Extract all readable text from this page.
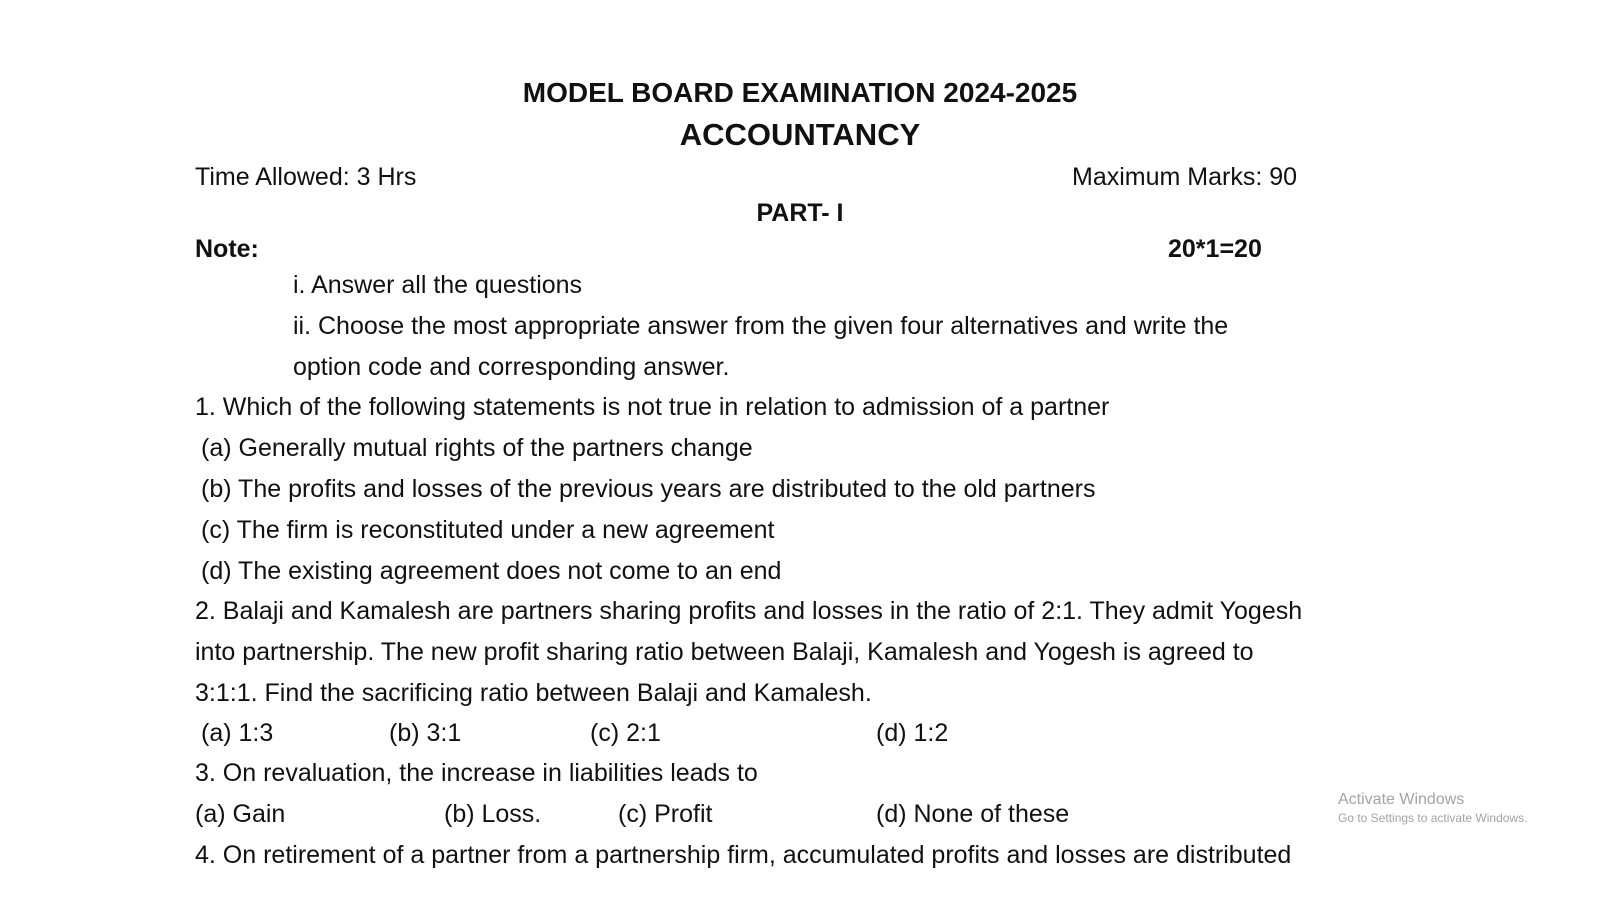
MODEL BOARD EXAMINATION 2024-2025
ACCOUNTANCY
Time Allowed: 3 Hrs	Maximum Marks: 90
PART- I
Note:	20*1=20
i. Answer all the questions
ii. Choose the most appropriate answer from the given four alternatives and write the
option code and corresponding answer.
1. Which of the following statements is not true in relation to admission of a partner
(a) Generally mutual rights of the partners change
(b) The profits and losses of the previous years are distributed to the old partners
(c) The firm is reconstituted under a new agreement
(d) The existing agreement does not come to an end
2. Balaji and Kamalesh are partners sharing profits and losses in the ratio of 2:1. They admit Yogesh
into partnership. The new profit sharing ratio between Balaji, Kamalesh and Yogesh is agreed to
3:1:1. Find the sacrificing ratio between Balaji and Kamalesh.
(a) 1:3	(b) 3:1	(c) 2:1	(d) 1:2
3. On revaluation, the increase in liabilities leads to
(a) Gain	(b) Loss.	(c) Profit	(d) None of these
4. On retirement of a partner from a partnership firm, accumulated profits and losses are distributed
Activate Windows
Go to Settings to activate Windows.
